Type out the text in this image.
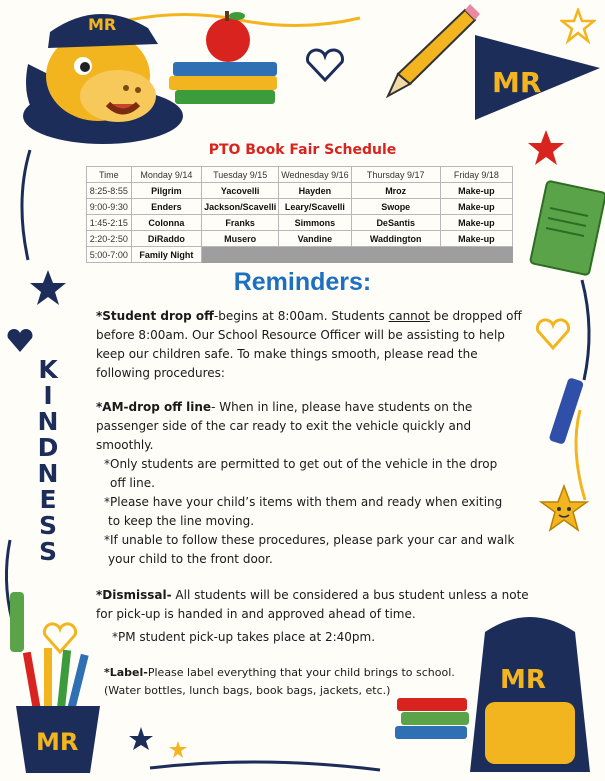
MR
MR
KINDNESS
MR
MR
PTO Book Fair Schedule
Time	Monday 9/14	Tuesday 9/15	Wednesday 9/16	Thursday 9/17	Friday 9/18
8:25-8:55	Pilgrim	Yacovelli	Hayden	Mroz	Make-up
9:00-9:30	Enders	Jackson/Scavelli	Leary/Scavelli	Swope	Make-up
1:45-2:15	Colonna	Franks	Simmons	DeSantis	Make-up
2:20-2:50	DiRaddo	Musero	Vandine	Waddington	Make-up
5:00-7:00	Family Night				
Reminders:
*Student drop off-begins at 8:00am. Students cannot be dropped off
before 8:00am. Our School Resource Officer will be assisting to help
keep our children safe. To make things smooth, please read the
following procedures:
*AM-drop off line- When in line, please have students on the
passenger side of the car ready to exit the vehicle quickly and
smoothly.
*Only students are permitted to get out of the vehicle in the drop
off line.
*Please have your child’s items with them and ready when exiting
to keep the line moving.
*If unable to follow these procedures, please park your car and walk
your child to the front door.
*Dismissal- All students will be considered a bus student unless a note
for pick-up is handed in and approved ahead of time.
*PM student pick-up takes place at 2:40pm.
*Label-Please label everything that your child brings to school.
(Water bottles, lunch bags, book bags, jackets, etc.)
